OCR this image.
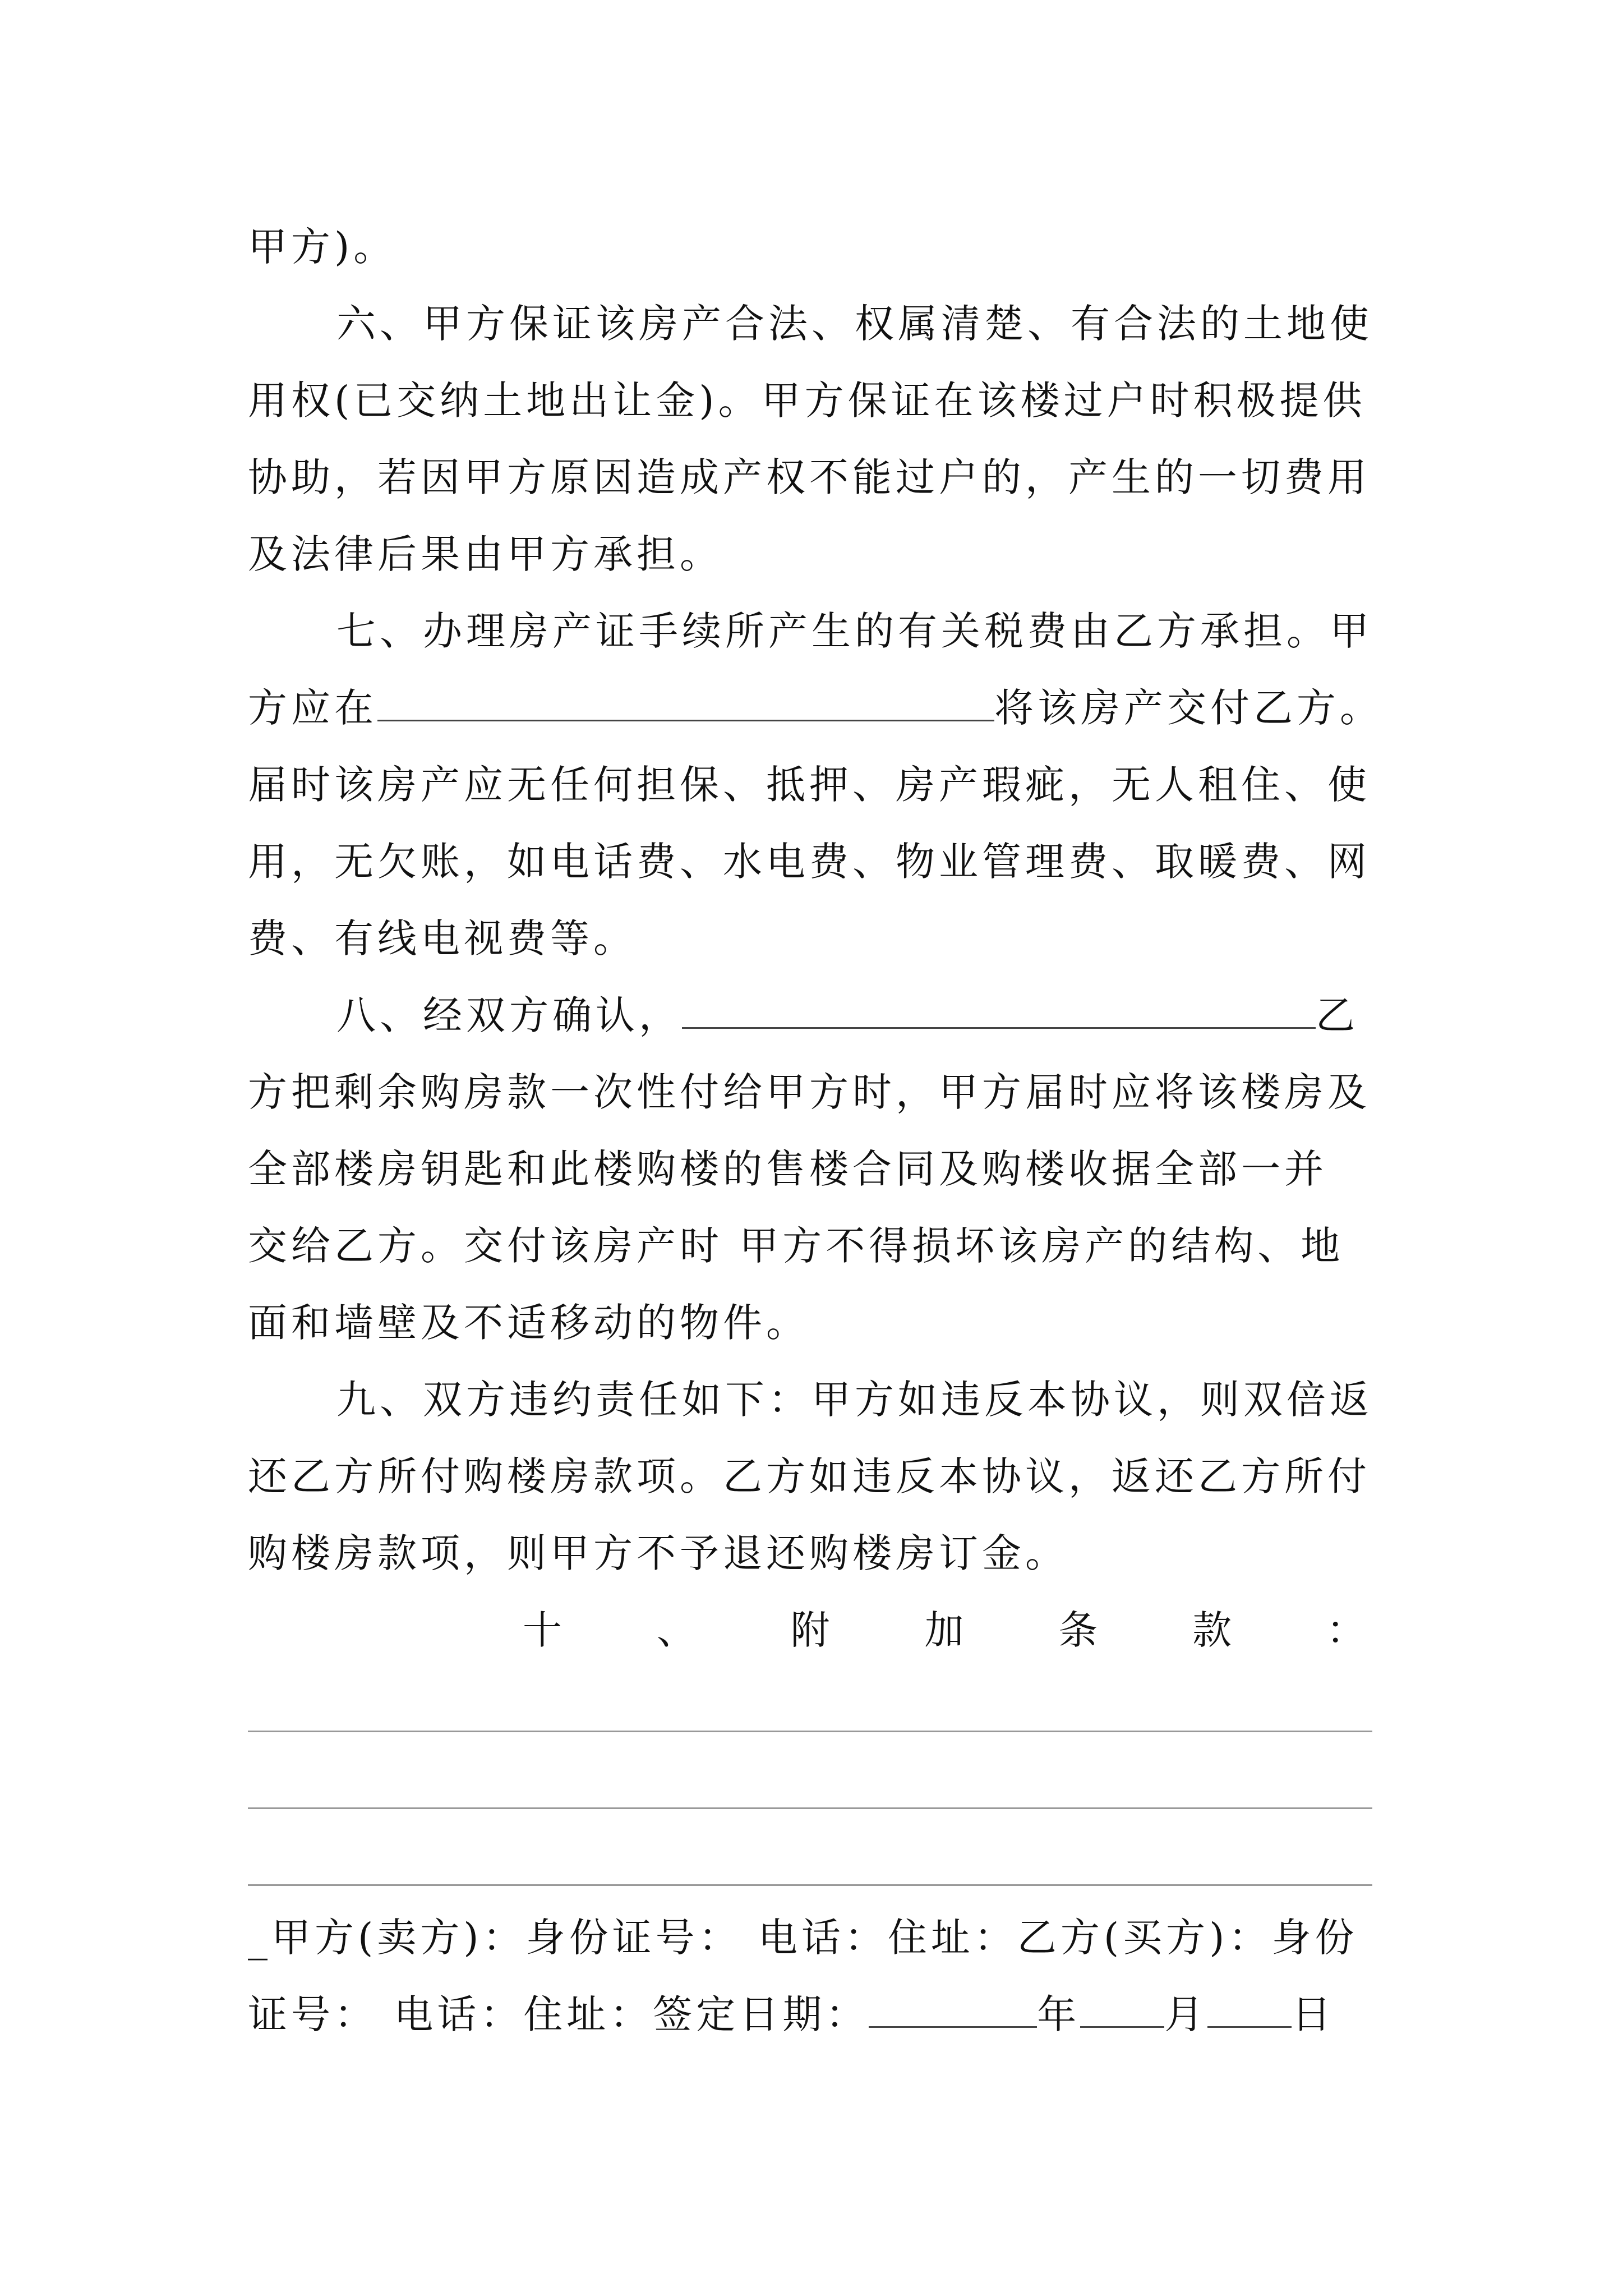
甲方)。
六、甲方保证该房产合法、权属清楚、有合法的土地使
用权(已交纳土地出让金)。甲方保证在该楼过户时积极提供
协助，若因甲方原因造成产权不能过户的，产生的一切费用
及法律后果由甲方承担。
七、办理房产证手续所产生的有关税费由乙方承担。甲
方应在	将该房产交付乙方。
届时该房产应无任何担保、抵押、房产瑕疵，无人租住、使
用，无欠账，如电话费、水电费、物业管理费、取暖费、网
费、有线电视费等。
八、经双方确认，	乙
方把剩余购房款一次性付给甲方时，甲方届时应将该楼房及
全部楼房钥匙和此楼购楼的售楼合同及购楼收据全部一并
交给乙方。交付该房产时 甲方不得损坏该房产的结构、地
面和墙壁及不适移动的物件。
九、双方违约责任如下：甲方如违反本协议，则双倍返
还乙方所付购楼房款项。乙方如违反本协议，返还乙方所付
购楼房款项，则甲方不予退还购楼房订金。
十 、 附 加 条 款 ：
_甲方(卖方)：身份证号： 电话：住址：乙方(买方)：身份
证号： 电话：住址：签定日期：	年 月 日
